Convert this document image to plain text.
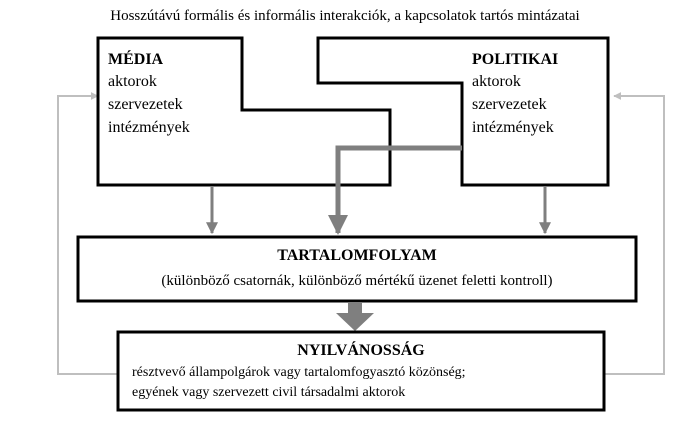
Hosszútávú formális és informális interakciók, a kapcsolatok tartós mintázatai
MÉDIA
aktorok
szervezetek
intézmények
POLITIKAI
aktorok
szervezetek
intézmények
TARTALOMFOLYAM
(különböző csatornák, különböző mértékű üzenet feletti kontroll)
NYILVÁNOSSÁG
résztvevő állampolgárok vagy tartalomfogyasztó közönség;
egyének vagy szervezett civil társadalmi aktorok
